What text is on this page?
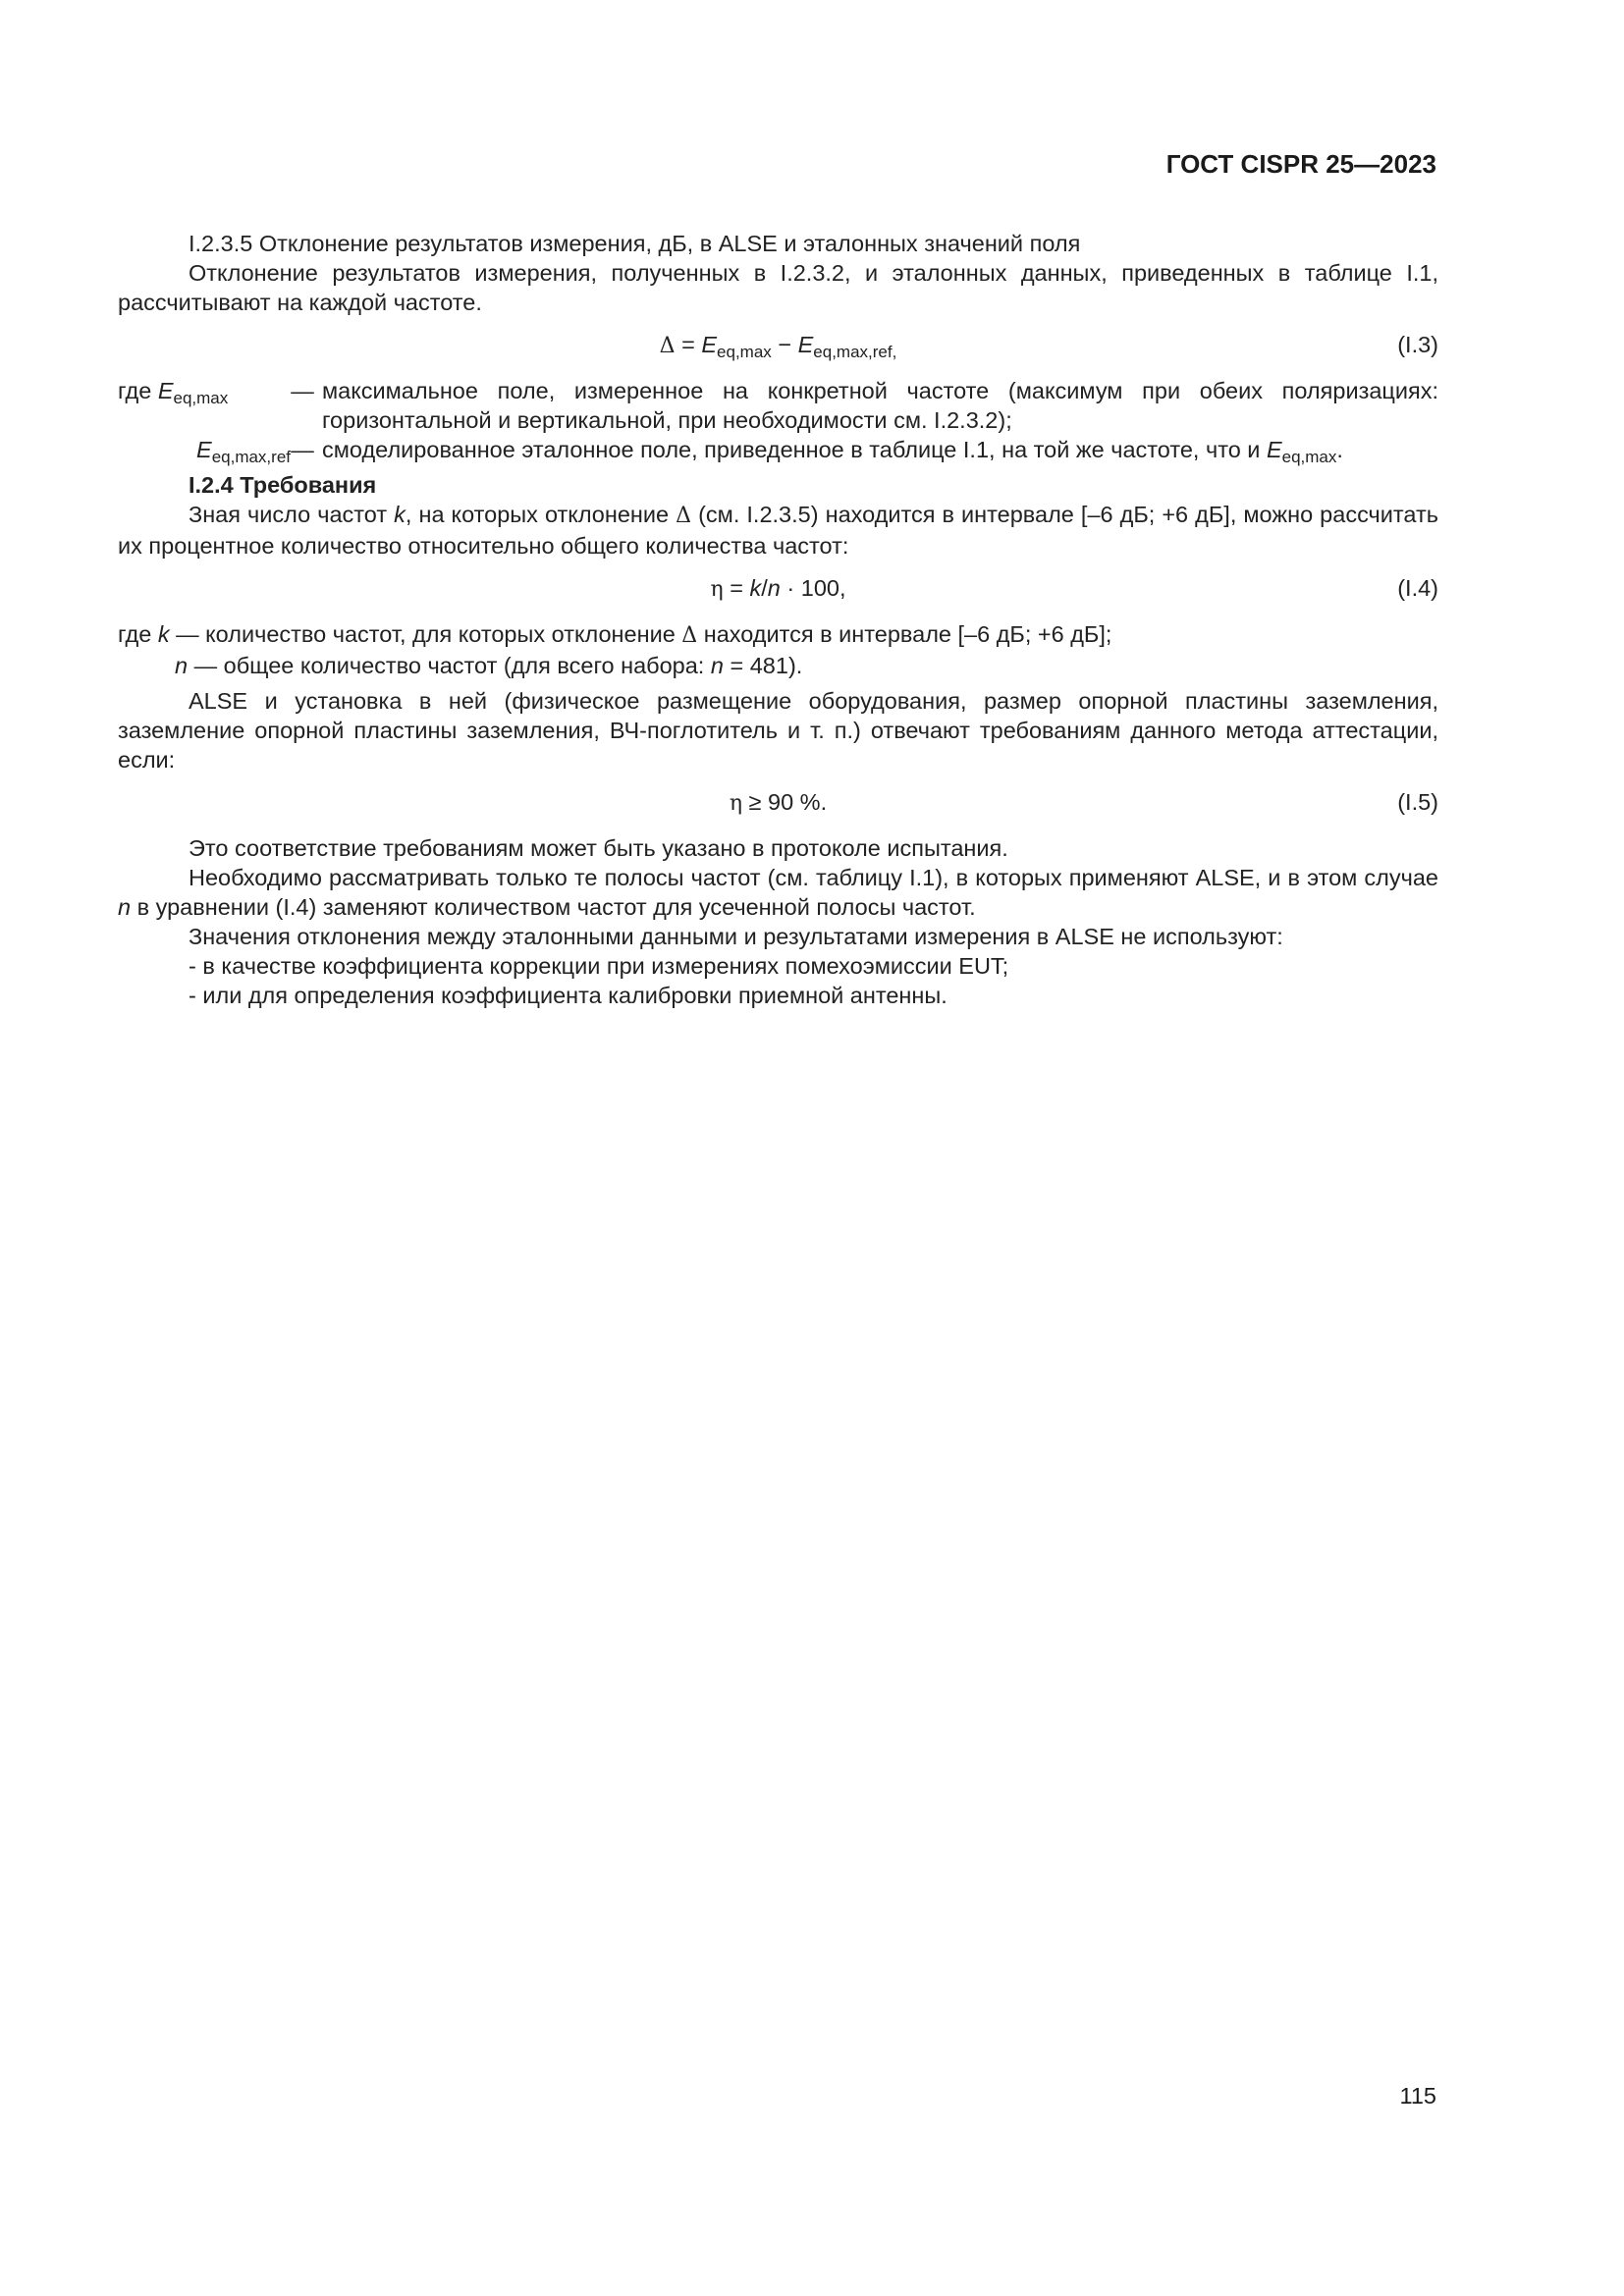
ГОСТ CISPR 25—2023

I.2.3.5 Отклонение результатов измерения, дБ, в ALSE и эталонных значений поля

Отклонение результатов измерения, полученных в I.2.3.2, и эталонных данных, приведенных в таблице I.1, рассчитывают на каждой частоте.

$\Delta = E_{eq,max} - E_{eq,max,ref,}$	(I.3)
где $E_{eq,max}$	— максимальное поле, измеренное на конкретной частоте (максимум при обеих поляризациях: горизонтальной и вертикальной, при необходимости см. I.2.3.2);
$E_{eq,max,ref}$ — смоделированное эталонное поле, приведенное в таблице I.1, на той же частоте, что и $E_{eq,max}$.

I.2.4 Требования

Зная число частот k, на которых отклонение Δ (см. I.2.3.5) находится в интервале [–6 дБ; +6 дБ], можно рассчитать их процентное количество относительно общего количества частот:

η = k/n · 100,	(I.4)

где k — количество частот, для которых отклонение Δ находится в интервале [–6 дБ; +6 дБ];

n — общее количество частот (для всего набора: n = 481).

ALSE и установка в ней (физическое размещение оборудования, размер опорной пластины заземления, заземление опорной пластины заземления, ВЧ-поглотитель и т. п.) отвечают требованиям данного метода аттестации, если:

η ≥ 90 %.	(I.5)

Это соответствие требованиям может быть указано в протоколе испытания.

Необходимо рассматривать только те полосы частот (см. таблицу I.1), в которых применяют ALSE, и в этом случае n в уравнении (I.4) заменяют количеством частот для усеченной полосы частот.

Значения отклонения между эталонными данными и результатами измерения в ALSE не используют:

- в качестве коэффициента коррекции при измерениях помехоэмиссии EUT;

- или для определения коэффициента калибровки приемной антенны.

115
